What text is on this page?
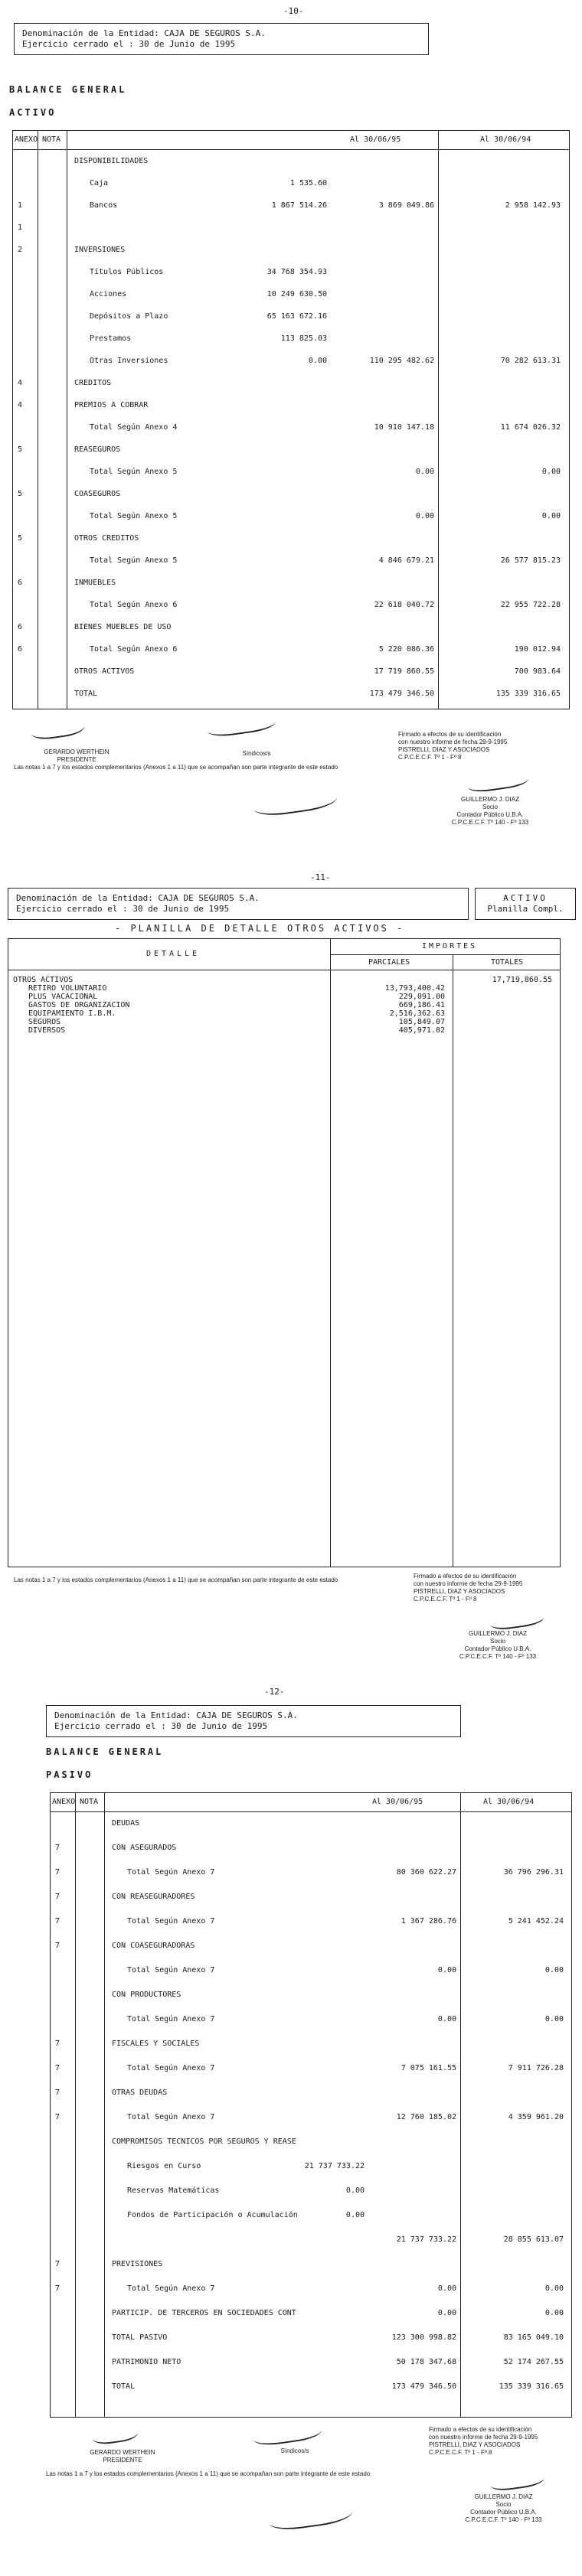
-10-
Denominación de la Entidad: CAJA DE SEGUROS S.A.
Ejercicio cerrado el : 30 de Junio de 1995
BALANCE GENERAL
ACTIVO
ANEXO NOTA	Al 30/06/95	Al 30/06/94
DISPONIBILIDADES
Caja	1 535.60
1	Bancos	1 867 514.26	3 869 049.86	2 958 142.93
1
2	INVERSIONES
Títulos Públicos	34 768 354.93
Acciones	10 249 630.50
Depósitos a Plazo	65 163 672.16
Prestamos	113 825.03
Otras Inversiones	0.00	110 295 482.62	70 282 613.31
4	CREDITOS
4	PREMIOS A COBRAR
Total Según Anexo 4	10 910 147.18	11 674 026.32
5	REASEGUROS
Total Según Anexo 5	0.00	0.00
5	COASEGUROS
Total Según Anexo 5	0.00	0.00
5	OTROS CREDITOS
Total Según Anexo 5	4 846 679.21	26 577 815.23
6	INMUEBLES
Total Según Anexo 6	22 618 040.72	22 955 722.28
6	BIENES MUEBLES DE USO
6	Total Según Anexo 6	5 220 086.36	190 012.94
OTROS ACTIVOS	17 719 860.55	700 983.64
TOTAL	173 479 346.50	135 339 316.65
Las notas 1 a 7 y los estados complementarios (Anexos 1 a 11) que se acompañan son parte integrante de este estado
GERARDO WERTHEIN
PRESIDENTE
Síndicos/s
Firmado a efectos de su identificación
con nuestro informe de fecha 29-9-1995
PISTRELLI, DIAZ Y ASOCIADOS
C.P.C.E.C.F. Tº 1 - Fº 8
GUILLERMO J. DIAZ
Socio
Contador Público U.B.A.
C.P.C.E.C.F. Tº 140 - Fº 133
-11-
Denominación de la Entidad: CAJA DE SEGUROS S.A.
Ejercicio cerrado el : 30 de Junio de 1995
ACTIVO
Planilla Compl.
- PLANILLA DE DETALLE OTROS ACTIVOS -
DETALLE
IMPORTES
PARCIALES	TOTALES
OTROS ACTIVOS	17,719,860.55
RETIRO VOLUNTARIO	13,793,400.42
PLUS VACACIONAL	229,091.00
GASTOS DE ORGANIZACION	669,186.41
EQUIPAMIENTO I.B.M.	2,516,362.63
SEGUROS	105,849.07
DIVERSOS	405,971.02
Las notas 1 a 7 y los estados complementarios (Anexos 1 a 11) que se acompañan son parte integrante de este estado
Firmado a efectos de su identificación
con nuestro informe de fecha 29-9-1995
PISTRELLI, DIAZ Y ASOCIADOS
C.P.C.E.C.F. Tº 1 - Fº 8
GUILLERMO J. DIAZ
Socio
Contador Público U.B.A.
C.P.C.E.C.F. Tº 140 - Fº 133
-12-
Denominación de la Entidad: CAJA DE SEGUROS S.A.
Ejercicio cerrado el : 30 de Junio de 1995
BALANCE GENERAL
PASIVO
ANEXO NOTA	Al 30/06/95	Al 30/06/94
DEUDAS
7	CON ASEGURADOS
7	Total Según Anexo 7	80 360 622.27	36 796 296.31
7	CON REASEGURADORES
7	Total Según Anexo 7	1 367 286.76	5 241 452.24
7	CON COASEGURADORAS
Total Según Anexo 7	0.00	0.00
CON PRODUCTORES
Total Según Anexo 7	0.00	0.00
7	FISCALES Y SOCIALES
7	Total Según Anexo 7	7 075 161.55	7 911 726.28
7	OTRAS DEUDAS
7	Total Según Anexo 7	12 760 185.02	4 359 961.20
COMPROMISOS TECNICOS POR SEGUROS Y REASE
Riesgos en Curso	21 737 733.22
Reservas Matemáticas	0.00
Fondos de Participación o Acumulación	0.00
21 737 733.22	28 855 613.07
7	PREVISIONES
7	Total Según Anexo 7	0.00	0.00
PARTICIP. DE TERCEROS EN SOCIEDADES CONT	0.00	0.00
TOTAL PASIVO	123 300 998.82	83 165 049.10
PATRIMONIO NETO	50 178 347.68	52 174 267.55
TOTAL	173 479 346.50	135 339 316.65
GERARDO WERTHEIN
PRESIDENTE
Síndicos/s
Las notas 1 a 7 y los estados complementarios (Anexos 1 a 11) que se acompañan son parte integrante de este estado
Firmado a efectos de su identificación
con nuestro informe de fecha 29-9-1995
PISTRELLI, DIAZ Y ASOCIADOS
C.P.C.E.C.F. Tº 1 - Fº 8
GUILLERMO J. DIAZ
Socio
Contador Público U.B.A.
C.P.C.E.C.F. Tº 140 - Fº 133
